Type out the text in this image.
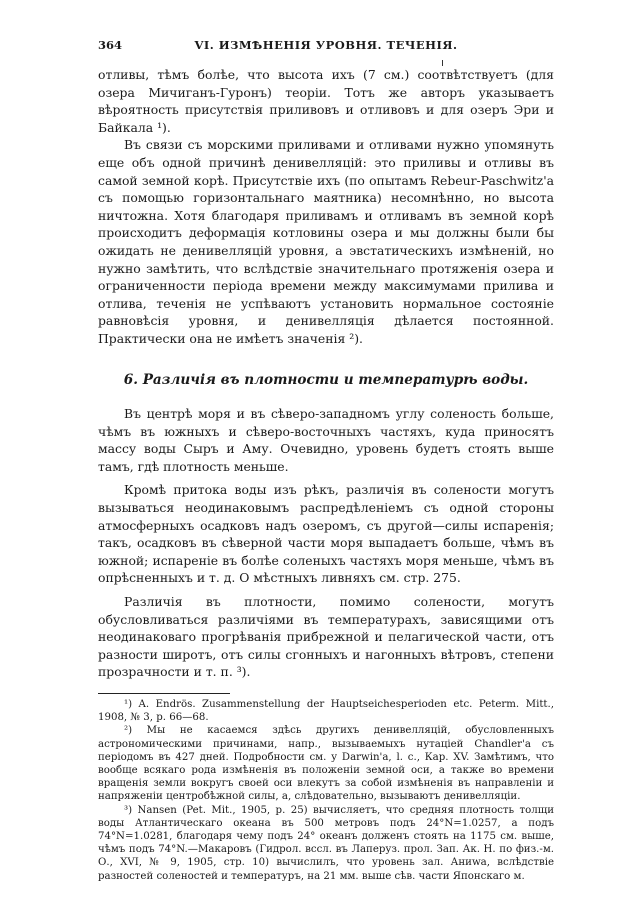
364	VI. ИЗМѢНЕНІЯ УРОВНЯ. ТЕЧЕНІЯ.

отливы, тѣмъ болѣе, что высота ихъ (7 см.) соотвѣтствуетъ (для озера Мичиганъ-Гуронъ) теоріи. Тотъ же авторъ указываетъ вѣроятность присутствія приливовъ и отливовъ и для озеръ Эри и Байкала ¹).

Въ связи съ морскими приливами и отливами нужно упомянуть еще объ одной причинѣ денивелляцій: это приливы и отливы въ самой земной корѣ. Присутствіе ихъ (по опытамъ Rebeur-Paschwitz'а съ помощью горизонтальнаго маятника) несомнѣнно, но высота ничтожна. Хотя благодаря приливамъ и отливамъ въ земной корѣ происходитъ деформація котловины озера и мы должны были бы ожидать не денивелляцій уровня, а эвстатическихъ измѣненій, но нужно замѣтить, что вслѣдствіе значительнаго протяженія озера и ограниченности періода времени между максимумами прилива и отлива, теченія не успѣваютъ установить нормальное состояніе равновѣсія уровня, и денивелляція дѣлается постоянной. Практически она не имѣетъ значенія ²).

6. Различія въ плотности и температурѣ воды.

Въ центрѣ моря и въ сѣверо-западномъ углу соленость больше, чѣмъ въ южныхъ и сѣверо-восточныхъ частяхъ, куда приносятъ массу воды Сыръ и Аму. Очевидно, уровень будетъ стоять выше тамъ, гдѣ плотность меньше.

Кромѣ притока воды изъ рѣкъ, различія въ солености могутъ вызываться неодинаковымъ распредѣленіемъ съ одной стороны атмосферныхъ осадковъ надъ озеромъ, съ другой—силы испаренія; такъ, осадковъ въ сѣверной части моря выпадаетъ больше, чѣмъ въ южной; испареніе въ болѣе соленыхъ частяхъ моря меньше, чѣмъ въ опрѣсненныхъ и т. д. О мѣстныхъ ливняхъ см. стр. 275.

Различія въ плотности, помимо солености, могутъ обусловливаться различіями въ температурахъ, зависящими отъ неодинаковаго прогрѣванія прибрежной и пелагической части, отъ разности широтъ, отъ силы сгонныхъ и нагонныхъ вѣтровъ, степени прозрачности и т. п. ³).

¹) A. Endrös. Zusammenstellung der Hauptseichesperioden etc. Peterm. Mitt., 1908, № 3, р. 66—68.

²) Мы не касаемся здѣсь другихъ денивелляцій, обусловленныхъ астрономическими причинами, напр., вызываемыхъ нутаціей Chandler'а съ періодомъ въ 427 дней. Подробности см. у Darwin'а, l. c., Кар. XV. Замѣтимъ, что вообще всякаго рода измѣненія въ положеніи земной оси, а также во времени вращенія земли вокругъ своей оси влекутъ за собой измѣненія въ направленіи и напряженіи центробѣжной силы, а, слѣдовательно, вызываютъ денивелляціи.

³) Nansen (Pet. Mit., 1905, р. 25) вычисляетъ, что средняя плотность толщи воды Атлантическаго океана въ 500 метровъ подъ 24°N=1.0257, а подъ 74°N=1.0281, благодаря чему подъ 24° океанъ долженъ стоять на 1175 см. выше, чѣмъ подъ 74°N.—Макаровъ (Гидрол. вссл. въ Лаперуз. прол. Зап. Ак. Н. по физ.-м. О., XVI, № 9, 1905, стр. 10) вычислилъ, что уровень зал. Аниwа, вслѣдствіе разностей соленостей и температуръ, на 21 мм. выше сѣв. части Японскаго м.
